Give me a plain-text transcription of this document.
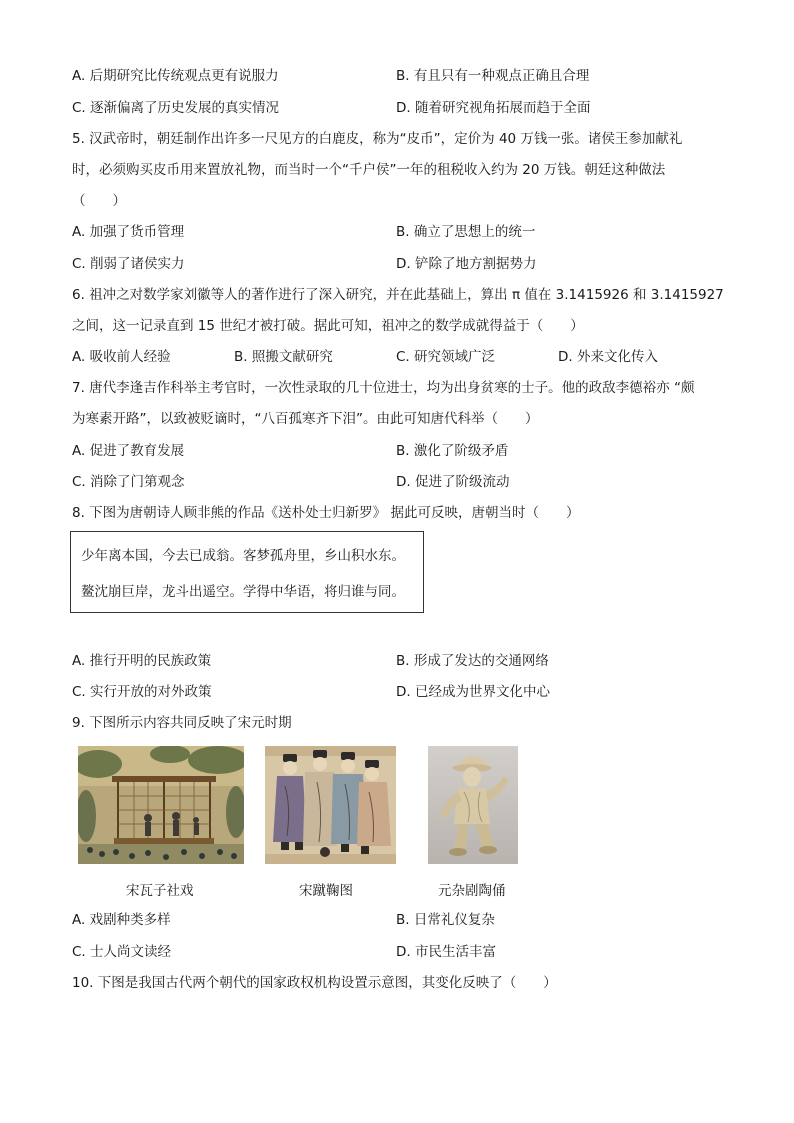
A. 后期研究比传统观点更有说服力	B. 有且只有一种观点正确且合理
C. 逐渐偏离了历史发展的真实情况	D. 随着研究视角拓展而趋于全面
5. 汉武帝时，朝廷制作出许多一尺见方的白鹿皮，称为“皮币”，定价为 40 万钱一张。诸侯王参加献礼
时，必须购买皮币用来置放礼物，而当时一个“千户侯”一年的租税收入约为 20 万钱。朝廷这种做法
（　　）
A. 加强了货币管理	B. 确立了思想上的统一
C. 削弱了诸侯实力	D. 铲除了地方割据势力
6. 祖冲之对数学家刘徽等人的著作进行了深入研究，并在此基础上，算出 π 值在 3.1415926 和 3.1415927
之间，这一记录直到 15 世纪才被打破。据此可知，祖冲之的数学成就得益于（　　）
A. 吸收前人经验	B. 照搬文献研究	C. 研究领域广泛	D. 外来文化传入
7. 唐代李逢吉作科举主考官时，一次性录取的几十位进士，均为出身贫寒的士子。他的政敌李德裕亦 “颇
为寒素开路”，以致被贬谪时，“八百孤寒齐下泪”。由此可知唐代科举（　　）
A. 促进了教育发展	B. 激化了阶级矛盾
C. 消除了门第观念	D. 促进了阶级流动
8. 下图为唐朝诗人顾非熊的作品《送朴处士归新罗》 据此可反映，唐朝当时（　　）
少年离本国，今去已成翁。客梦孤舟里，乡山积水东。
鳌沈崩巨岸，龙斗出遥空。学得中华语，将归谁与同。
A. 推行开明的民族政策	B. 形成了发达的交通网络
C. 实行开放的对外政策	D. 已经成为世界文化中心
9. 下图所示内容共同反映了宋元时期
宋瓦子社戏	宋蹴鞠图	元杂剧陶俑
A. 戏剧种类多样	B. 日常礼仪复杂
C. 士人尚文读经	D. 市民生活丰富
10. 下图是我国古代两个朝代的国家政权机构设置示意图，其变化反映了（　　）
